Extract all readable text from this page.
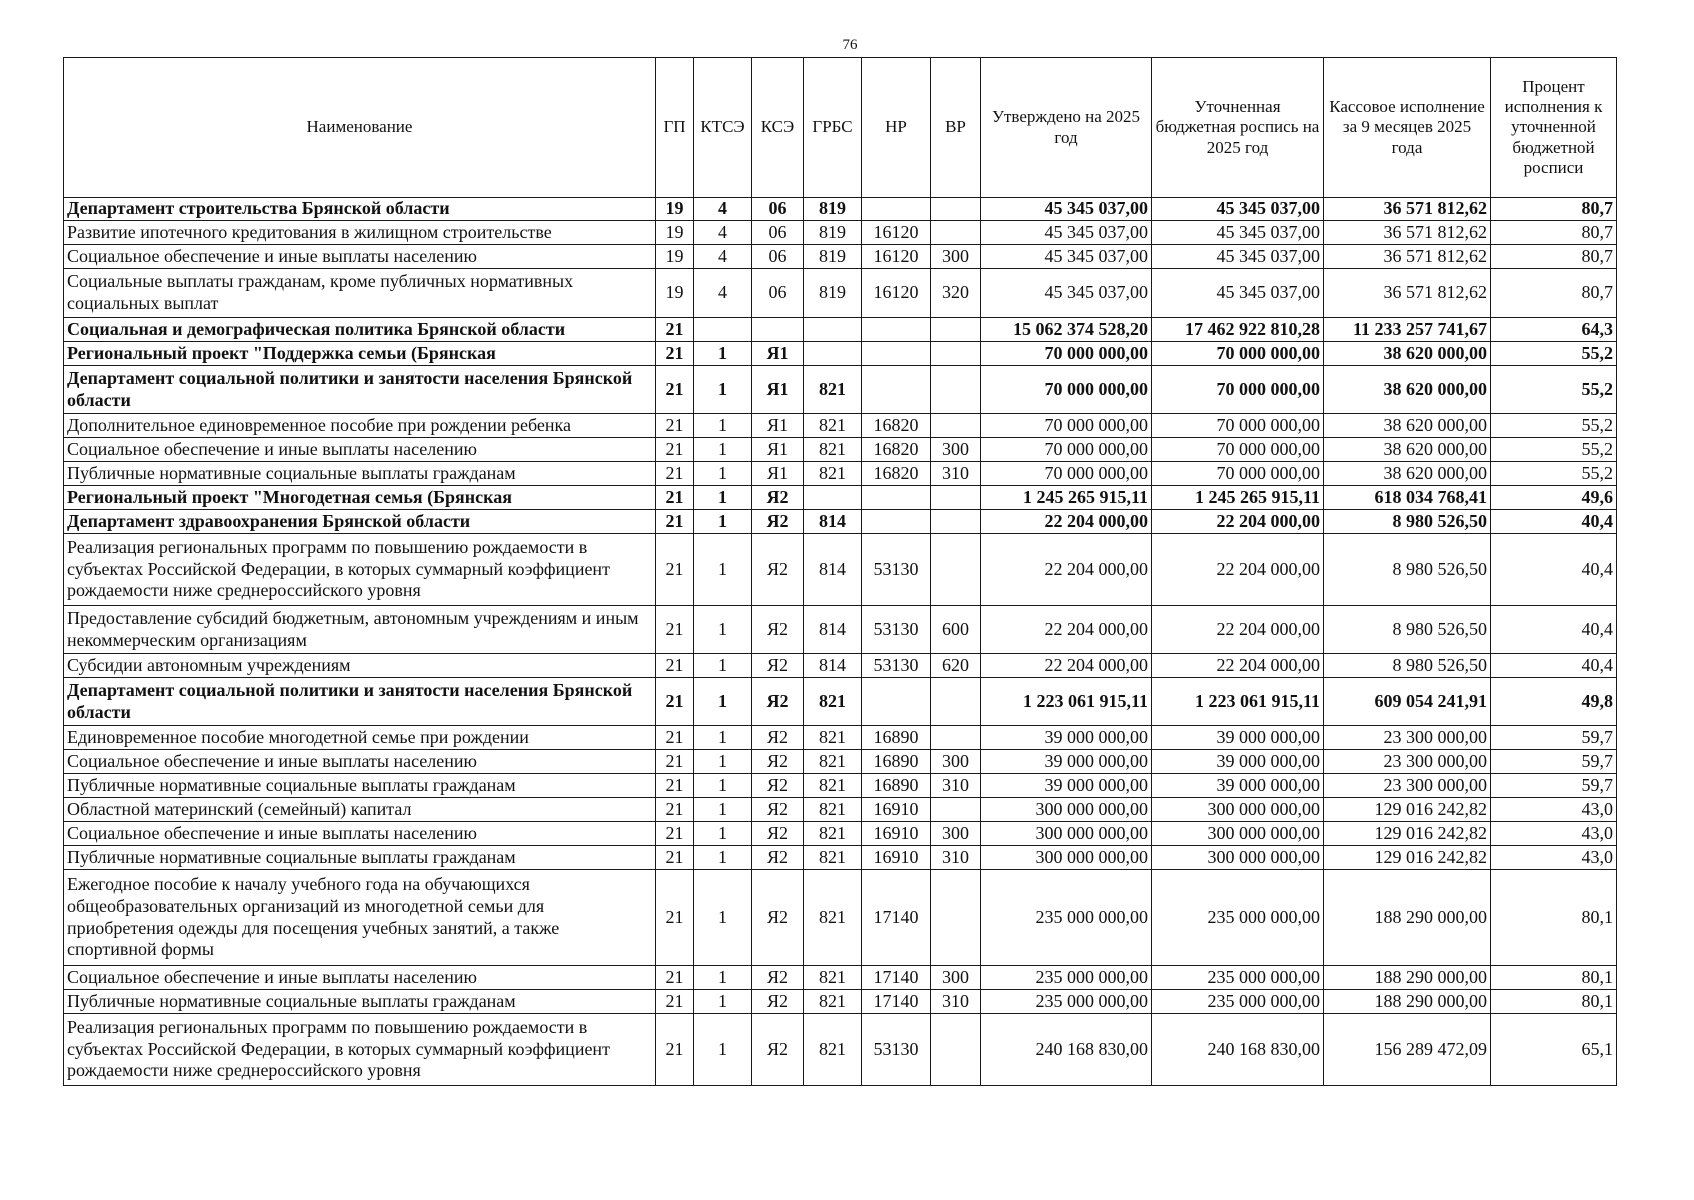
76
Наименование	ГП	КТСЭ	КСЭ	ГРБС	НР	ВР	Утверждено на 2025 год	Уточненная бюджетная роспись на 2025 год	Кассовое исполнение за 9 месяцев 2025 года	Процент исполнения к уточненной бюджетной росписи
Департамент строительства Брянской области	19	4	06	819			45 345 037,00	45 345 037,00	36 571 812,62	80,7
Развитие ипотечного кредитования в жилищном строительстве	19	4	06	819	16120		45 345 037,00	45 345 037,00	36 571 812,62	80,7
Социальное обеспечение и иные выплаты населению	19	4	06	819	16120	300	45 345 037,00	45 345 037,00	36 571 812,62	80,7
Социальные выплаты гражданам, кроме публичных нормативных социальных выплат	19	4	06	819	16120	320	45 345 037,00	45 345 037,00	36 571 812,62	80,7
Социальная и демографическая политика Брянской области	21						15 062 374 528,20	17 462 922 810,28	11 233 257 741,67	64,3
Региональный проект "Поддержка семьи (Брянская	21	1	Я1				70 000 000,00	70 000 000,00	38 620 000,00	55,2
Департамент социальной политики и занятости населения Брянской области	21	1	Я1	821			70 000 000,00	70 000 000,00	38 620 000,00	55,2
Дополнительное единовременное пособие при рождении ребенка	21	1	Я1	821	16820		70 000 000,00	70 000 000,00	38 620 000,00	55,2
Социальное обеспечение и иные выплаты населению	21	1	Я1	821	16820	300	70 000 000,00	70 000 000,00	38 620 000,00	55,2
Публичные нормативные социальные выплаты гражданам	21	1	Я1	821	16820	310	70 000 000,00	70 000 000,00	38 620 000,00	55,2
Региональный проект "Многодетная семья (Брянская	21	1	Я2				1 245 265 915,11	1 245 265 915,11	618 034 768,41	49,6
Департамент здравоохранения Брянской области	21	1	Я2	814			22 204 000,00	22 204 000,00	8 980 526,50	40,4
Реализация региональных программ по повышению рождаемости в субъектах Российской Федерации, в которых суммарный коэффициент рождаемости ниже среднероссийского уровня	21	1	Я2	814	53130		22 204 000,00	22 204 000,00	8 980 526,50	40,4
Предоставление субсидий бюджетным, автономным учреждениям и иным некоммерческим организациям	21	1	Я2	814	53130	600	22 204 000,00	22 204 000,00	8 980 526,50	40,4
Субсидии автономным учреждениям	21	1	Я2	814	53130	620	22 204 000,00	22 204 000,00	8 980 526,50	40,4
Департамент социальной политики и занятости населения Брянской области	21	1	Я2	821			1 223 061 915,11	1 223 061 915,11	609 054 241,91	49,8
Единовременное пособие многодетной семье при рождении	21	1	Я2	821	16890		39 000 000,00	39 000 000,00	23 300 000,00	59,7
Социальное обеспечение и иные выплаты населению	21	1	Я2	821	16890	300	39 000 000,00	39 000 000,00	23 300 000,00	59,7
Публичные нормативные социальные выплаты гражданам	21	1	Я2	821	16890	310	39 000 000,00	39 000 000,00	23 300 000,00	59,7
Областной материнский (семейный) капитал	21	1	Я2	821	16910		300 000 000,00	300 000 000,00	129 016 242,82	43,0
Социальное обеспечение и иные выплаты населению	21	1	Я2	821	16910	300	300 000 000,00	300 000 000,00	129 016 242,82	43,0
Публичные нормативные социальные выплаты гражданам	21	1	Я2	821	16910	310	300 000 000,00	300 000 000,00	129 016 242,82	43,0
Ежегодное пособие к началу учебного года на обучающихся общеобразовательных организаций из многодетной семьи для приобретения одежды для посещения учебных занятий, а также спортивной формы	21	1	Я2	821	17140		235 000 000,00	235 000 000,00	188 290 000,00	80,1
Социальное обеспечение и иные выплаты населению	21	1	Я2	821	17140	300	235 000 000,00	235 000 000,00	188 290 000,00	80,1
Публичные нормативные социальные выплаты гражданам	21	1	Я2	821	17140	310	235 000 000,00	235 000 000,00	188 290 000,00	80,1
Реализация региональных программ по повышению рождаемости в субъектах Российской Федерации, в которых суммарный коэффициент рождаемости ниже среднероссийского уровня	21	1	Я2	821	53130		240 168 830,00	240 168 830,00	156 289 472,09	65,1
